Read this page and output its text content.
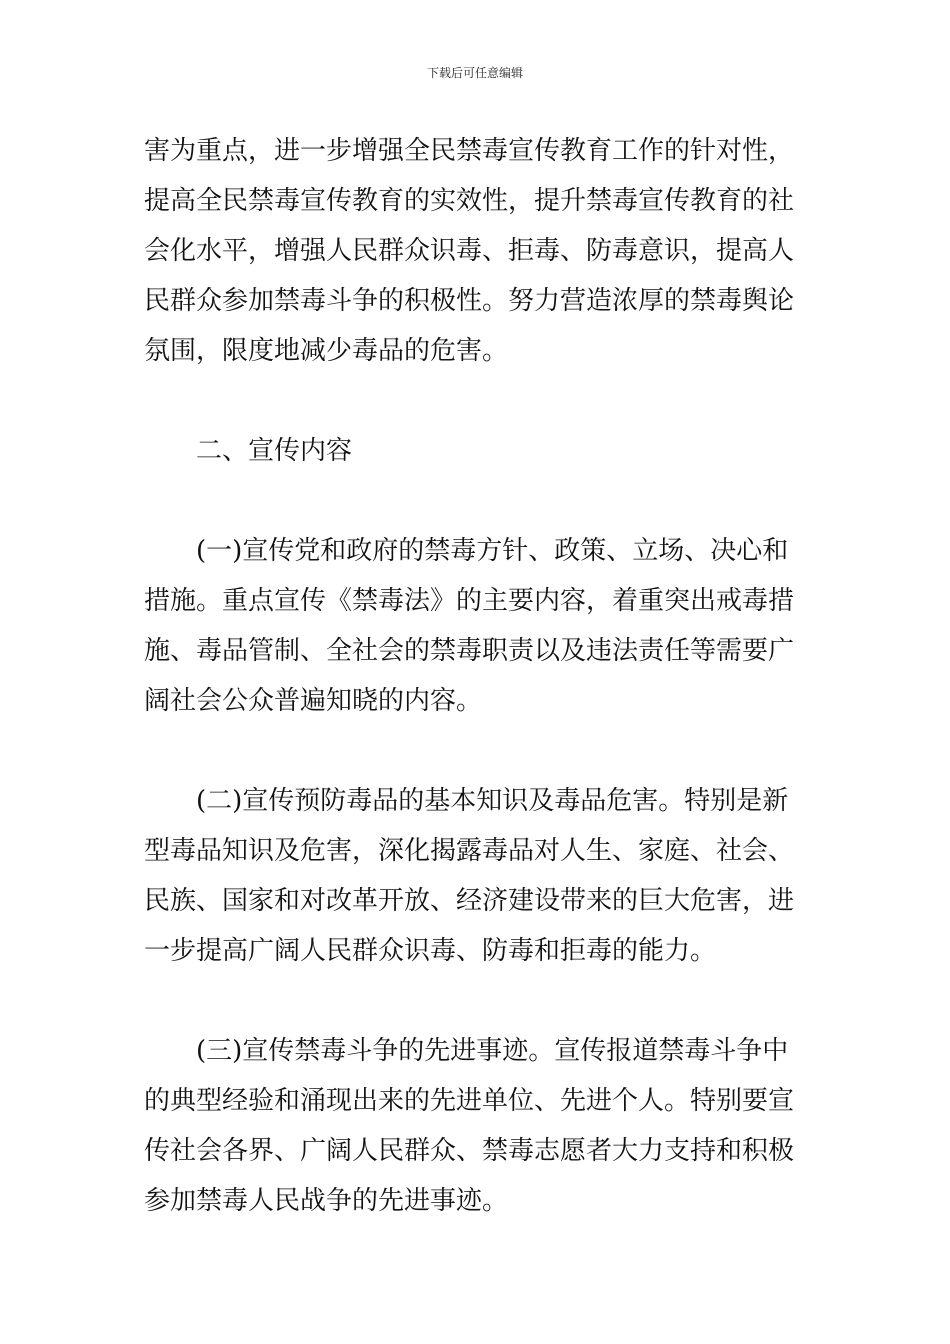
下载后可任意编辑
害为重点，进一步增强全民禁毒宣传教育工作的针对性，
提高全民禁毒宣传教育的实效性，提升禁毒宣传教育的社
会化水平，增强人民群众识毒、拒毒、防毒意识，提高人
民群众参加禁毒斗争的积极性。努力营造浓厚的禁毒舆论
氛围，限度地减少毒品的危害。
二、宣传内容
(一)宣传党和政府的禁毒方针、政策、立场、决心和
措施。重点宣传《禁毒法》的主要内容，着重突出戒毒措
施、毒品管制、全社会的禁毒职责以及违法责任等需要广
阔社会公众普遍知晓的内容。
(二)宣传预防毒品的基本知识及毒品危害。特别是新
型毒品知识及危害，深化揭露毒品对人生、家庭、社会、
民族、国家和对改革开放、经济建设带来的巨大危害，进
一步提高广阔人民群众识毒、防毒和拒毒的能力。
(三)宣传禁毒斗争的先进事迹。宣传报道禁毒斗争中
的典型经验和涌现出来的先进单位、先进个人。特别要宣
传社会各界、广阔人民群众、禁毒志愿者大力支持和积极
参加禁毒人民战争的先进事迹。
